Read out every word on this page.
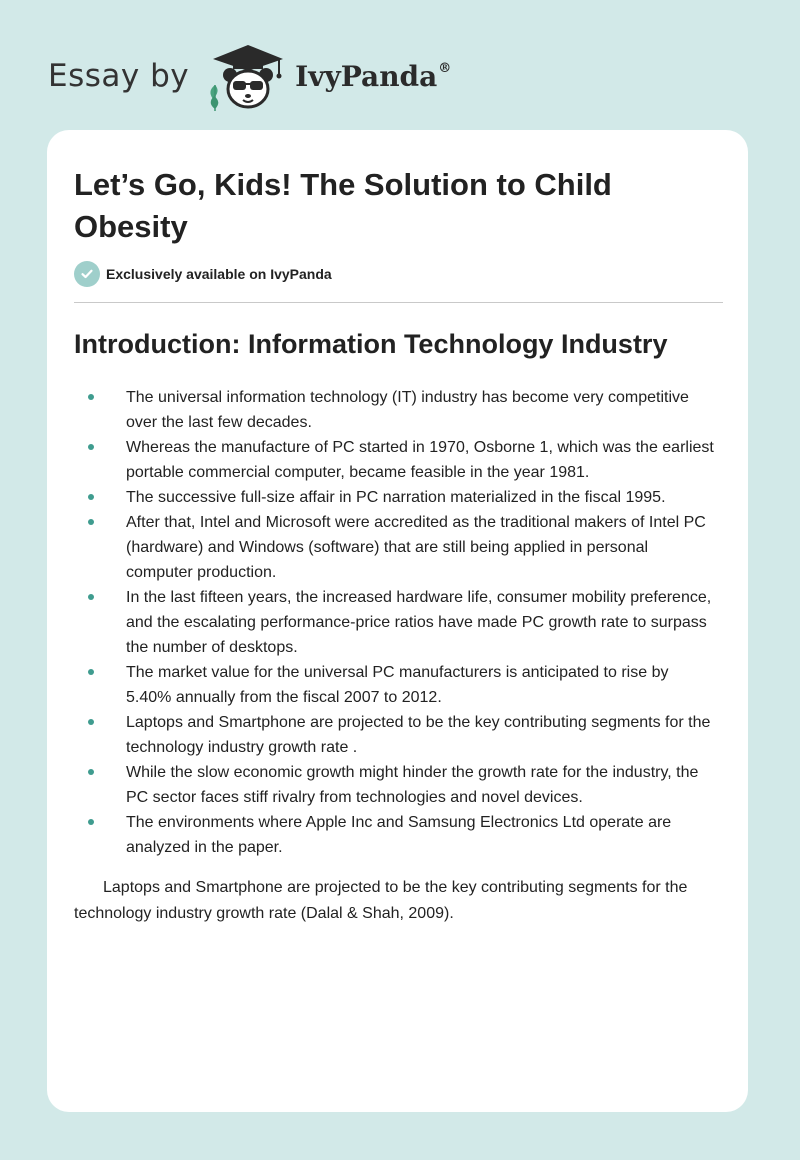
Essay by	IvyPanda®
Let’s Go, Kids! The Solution to Child Obesity
Exclusively available on IvyPanda
Introduction: Information Technology Industry
The universal information technology (IT) industry has become very competitive over the last few decades.
Whereas the manufacture of PC started in 1970, Osborne 1, which was the earliest portable commercial computer, became feasible in the year 1981.
The successive full-size affair in PC narration materialized in the fiscal 1995.
After that, Intel and Microsoft were accredited as the traditional makers of Intel PC (hardware) and Windows (software) that are still being applied in personal computer production.
In the last fifteen years, the increased hardware life, consumer mobility preference, and the escalating performance-price ratios have made PC growth rate to surpass the number of desktops.
The market value for the universal PC manufacturers is anticipated to rise by 5.40% annually from the fiscal 2007 to 2012.
Laptops and Smartphone are projected to be the key contributing segments for the technology industry growth rate .
While the slow economic growth might hinder the growth rate for the industry, the PC sector faces stiff rivalry from technologies and novel devices.
The environments where Apple Inc and Samsung Electronics Ltd operate are analyzed in the paper.

Laptops and Smartphone are projected to be the key contributing segments for the technology industry growth rate (Dalal & Shah, 2009).
